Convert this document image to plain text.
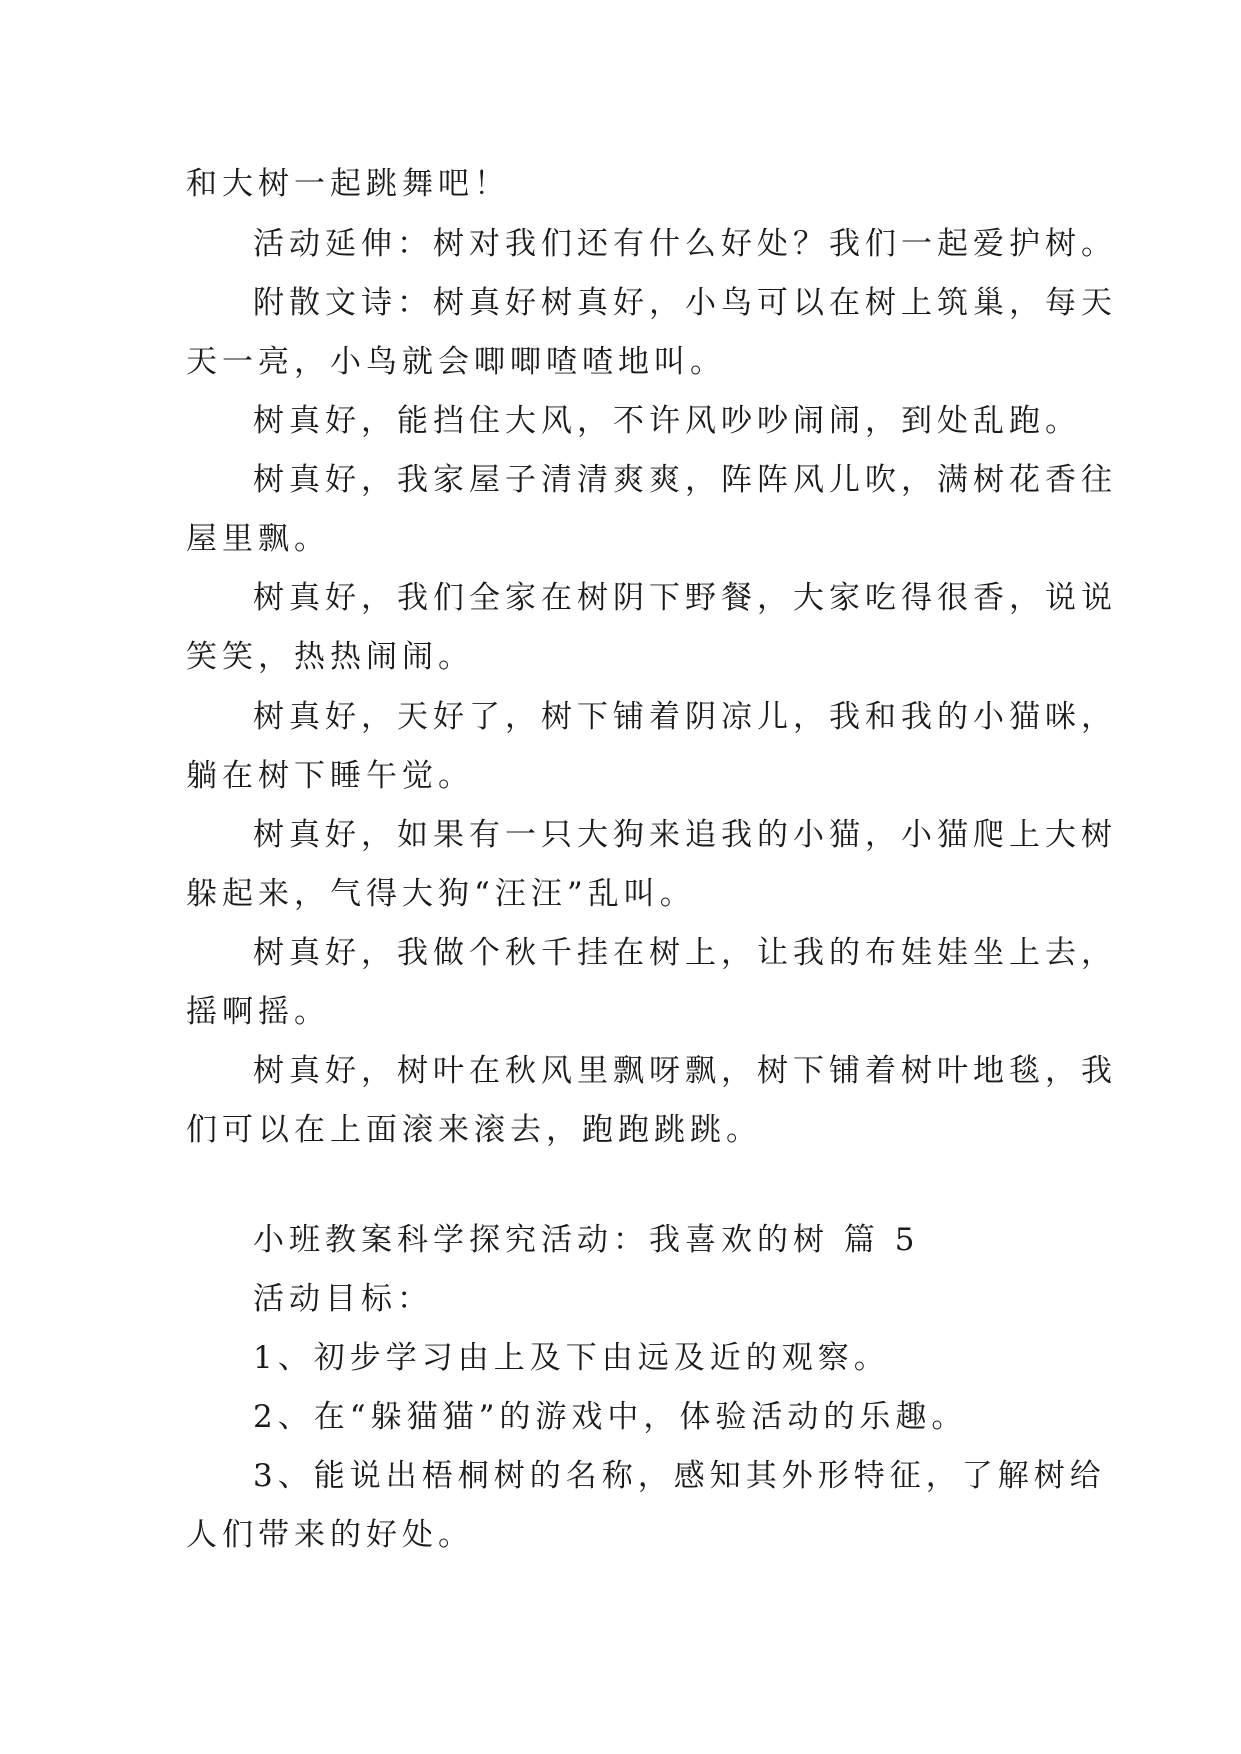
和大树一起跳舞吧！

活动延伸：树对我们还有什么好处？我们一起爱护树。

附散文诗：树真好树真好，小鸟可以在树上筑巢，每天

天一亮，小鸟就会唧唧喳喳地叫。

树真好，能挡住大风，不许风吵吵闹闹，到处乱跑。

树真好，我家屋子清清爽爽，阵阵风儿吹，满树花香往

屋里飘。

树真好，我们全家在树阴下野餐，大家吃得很香，说说

笑笑，热热闹闹。

树真好，天好了，树下铺着阴凉儿，我和我的小猫咪，

躺在树下睡午觉。

树真好，如果有一只大狗来追我的小猫，小猫爬上大树

躲起来，气得大狗“汪汪”乱叫。

树真好，我做个秋千挂在树上，让我的布娃娃坐上去，

摇啊摇。

树真好，树叶在秋风里飘呀飘，树下铺着树叶地毯，我

们可以在上面滚来滚去，跑跑跳跳。

小班教案科学探究活动：我喜欢的树 篇 5

活动目标：

1、初步学习由上及下由远及近的观察。

2、在“躲猫猫”的游戏中，体验活动的乐趣。

3、能说出梧桐树的名称，感知其外形特征，了解树给

人们带来的好处。
